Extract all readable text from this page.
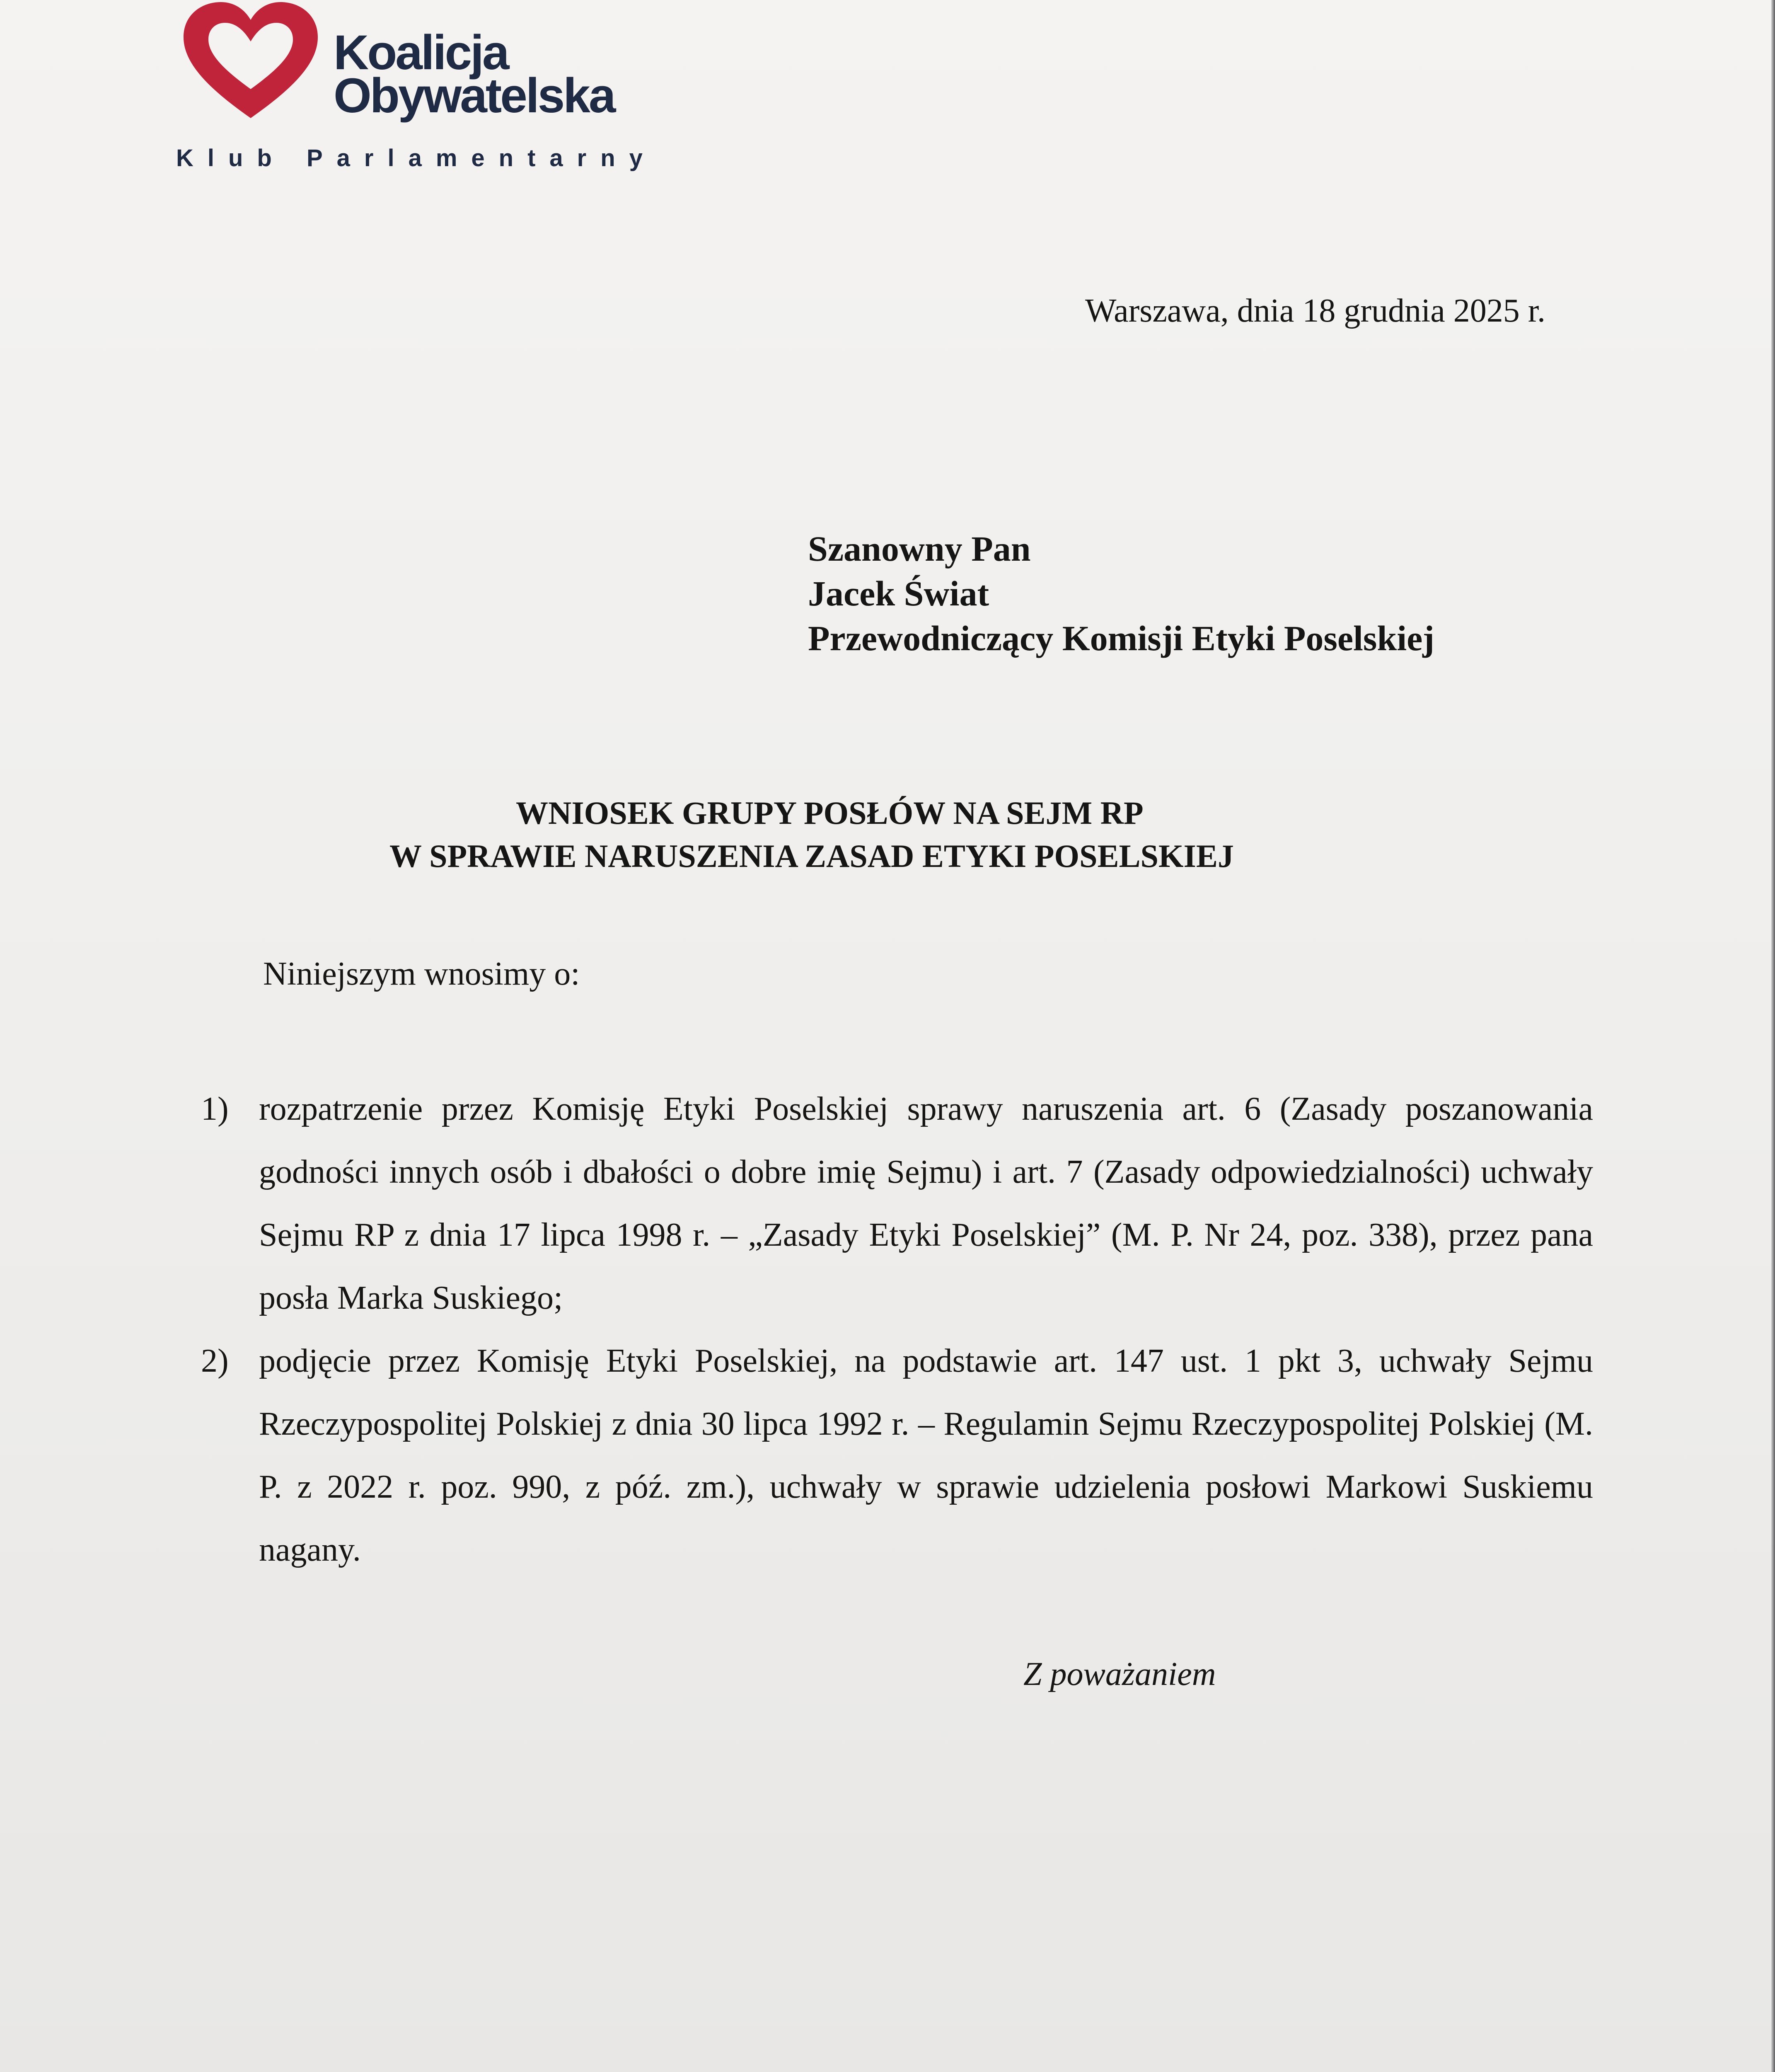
Koalicja
Obywatelska
Klub Parlamentarny
Warszawa, dnia 18 grudnia 2025 r.
Szanowny Pan
Jacek Świat
Przewodniczący Komisji Etyki Poselskiej
WNIOSEK GRUPY POSŁÓW NA SEJM RP
W SPRAWIE NARUSZENIA ZASAD ETYKI POSELSKIEJ
Niniejszym wnosimy o:
1) rozpatrzenie przez Komisję Etyki Poselskiej sprawy naruszenia art. 6 (Zasady poszanowania godności innych osób i dbałości o dobre imię Sejmu) i art. 7 (Zasady odpowiedzialności) uchwały Sejmu RP z dnia 17 lipca 1998 r. – „Zasady Etyki Poselskiej” (M. P. Nr 24, poz. 338), przez pana posła Marka Suskiego;
2) podjęcie przez Komisję Etyki Poselskiej, na podstawie art. 147 ust. 1 pkt 3, uchwały Sejmu Rzeczypospolitej Polskiej z dnia 30 lipca 1992 r. – Regulamin Sejmu Rzeczypospolitej Polskiej (M. P. z 2022 r. poz. 990, z póź. zm.), uchwały w sprawie udzielenia posłowi Markowi Suskiemu nagany.
Z poważaniem
